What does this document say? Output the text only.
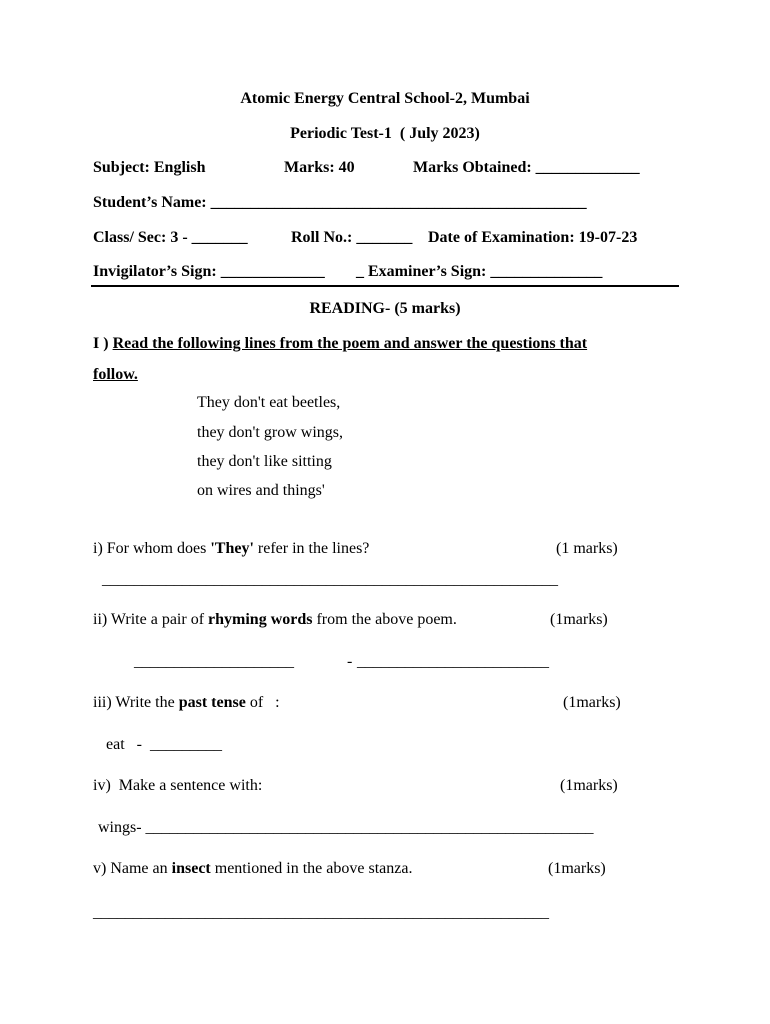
Atomic Energy Central School-2, Mumbai
Periodic Test-1  ( July 2023)
Subject: English	Marks: 40	Marks Obtained: _____________
Student’s Name: _______________________________________________
Class/ Sec: 3 - _______	Roll No.: _______ Date of Examination: 19-07-23
Invigilator’s Sign: _____________ _ Examiner’s Sign: ______________
READING- (5 marks)
I ) Read the following lines from the poem and answer the questions that
follow.
They don't eat beetles,
they don't grow wings,
they don't like sitting
on wires and things'
i) For whom does 'They' refer in the lines?	(1 marks)
_________________________________________________________
ii) Write a pair of rhyming words from the above poem.	(1marks)
____________________	- ________________________
iii) Write the past tense of   :	(1marks)
eat   -  _________
iv)  Make a sentence with:	(1marks)
wings- ________________________________________________________
v) Name an insect mentioned in the above stanza.	(1marks)
_________________________________________________________
